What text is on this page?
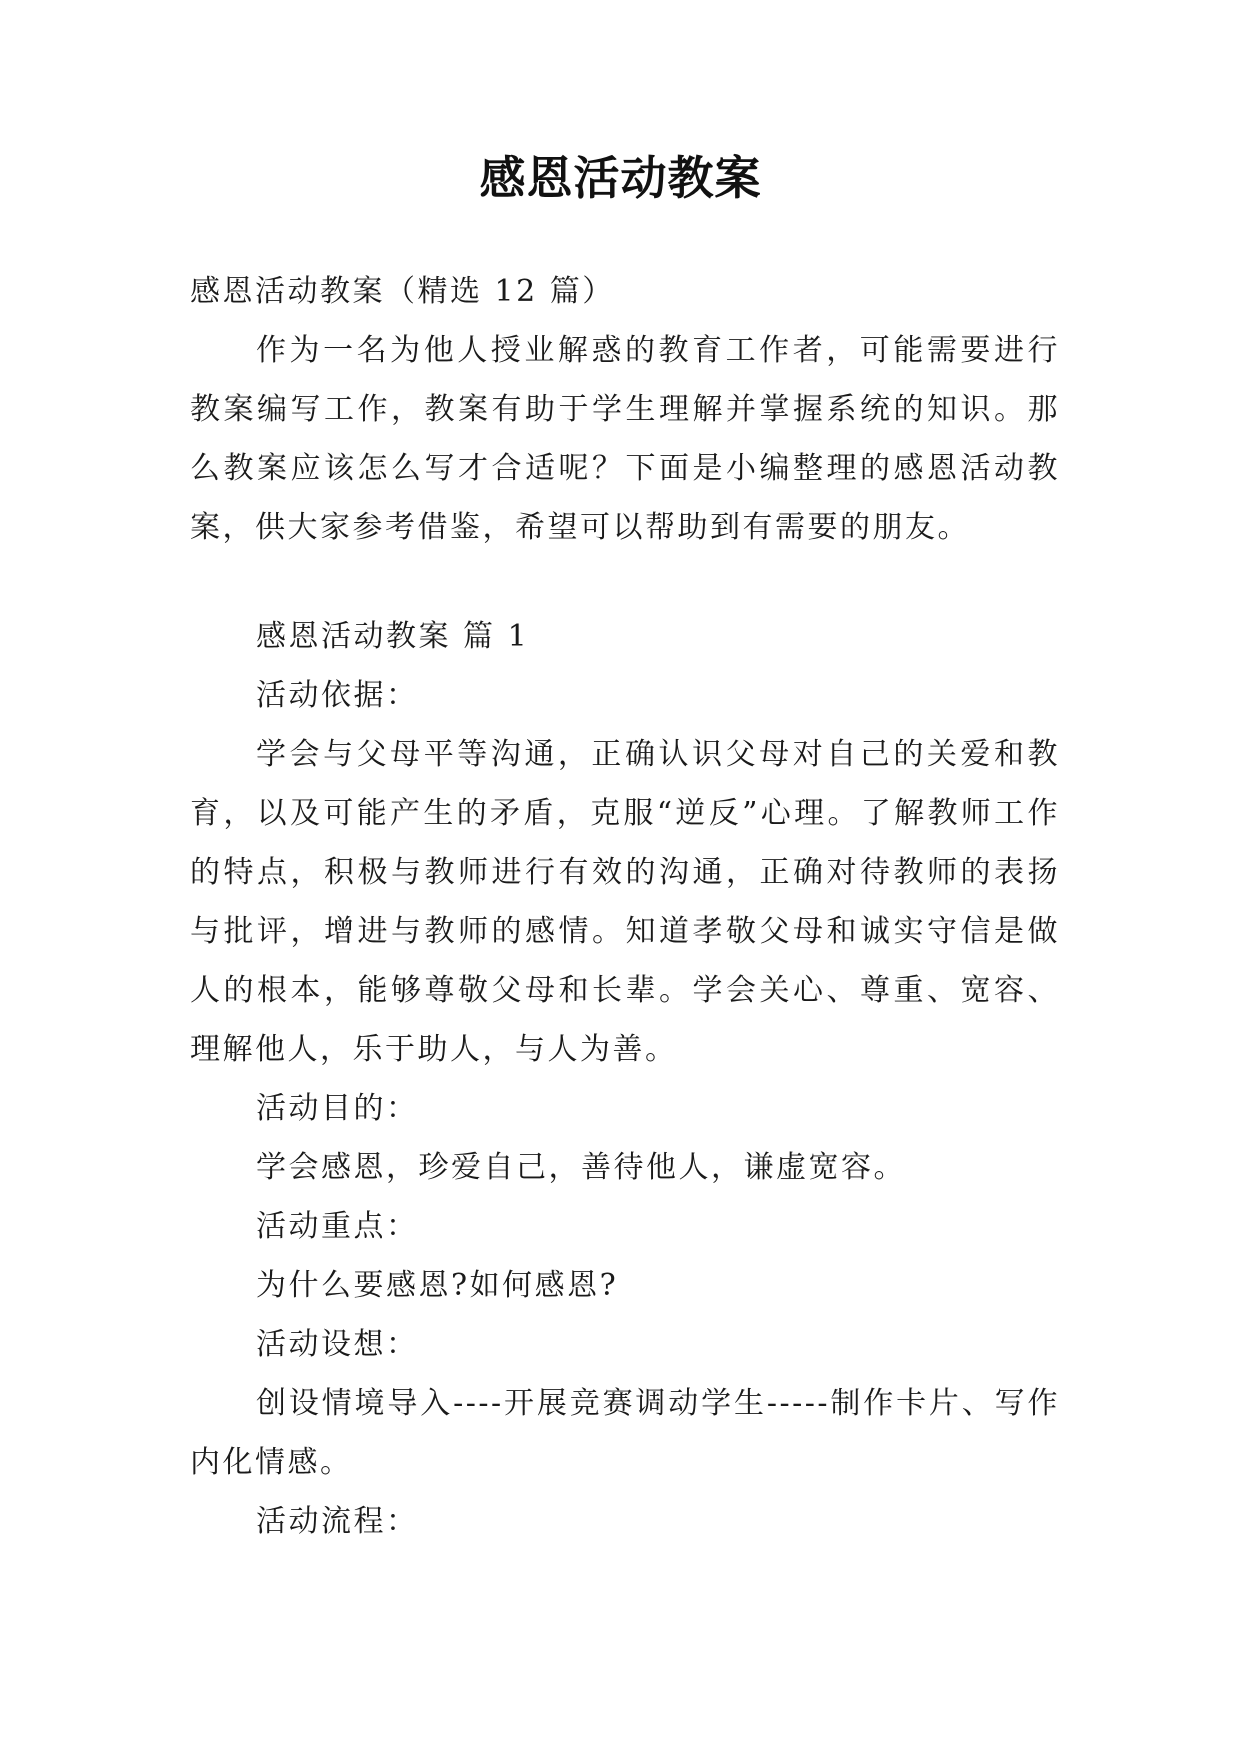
感恩活动教案
感恩活动教案（精选 12 篇）

作为一名为他人授业解惑的教育工作者，可能需要进行教案编写工作，教案有助于学生理解并掌握系统的知识。那么教案应该怎么写才合适呢？下面是小编整理的感恩活动教案，供大家参考借鉴，希望可以帮助到有需要的朋友。

感恩活动教案 篇 1
活动依据：

学会与父母平等沟通，正确认识父母对自己的关爱和教育，以及可能产生的矛盾，克服“逆反”心理。了解教师工作的特点，积极与教师进行有效的沟通，正确对待教师的表扬与批评，增进与教师的感情。知道孝敬父母和诚实守信是做人的根本，能够尊敬父母和长辈。学会关心、尊重、宽容、理解他人，乐于助人，与人为善。

活动目的：
学会感恩，珍爱自己，善待他人，谦虚宽容。
活动重点：
为什么要感恩?如何感恩?
活动设想：

创设情境导入----开展竞赛调动学生-----制作卡片、写作内化情感。

活动流程：
